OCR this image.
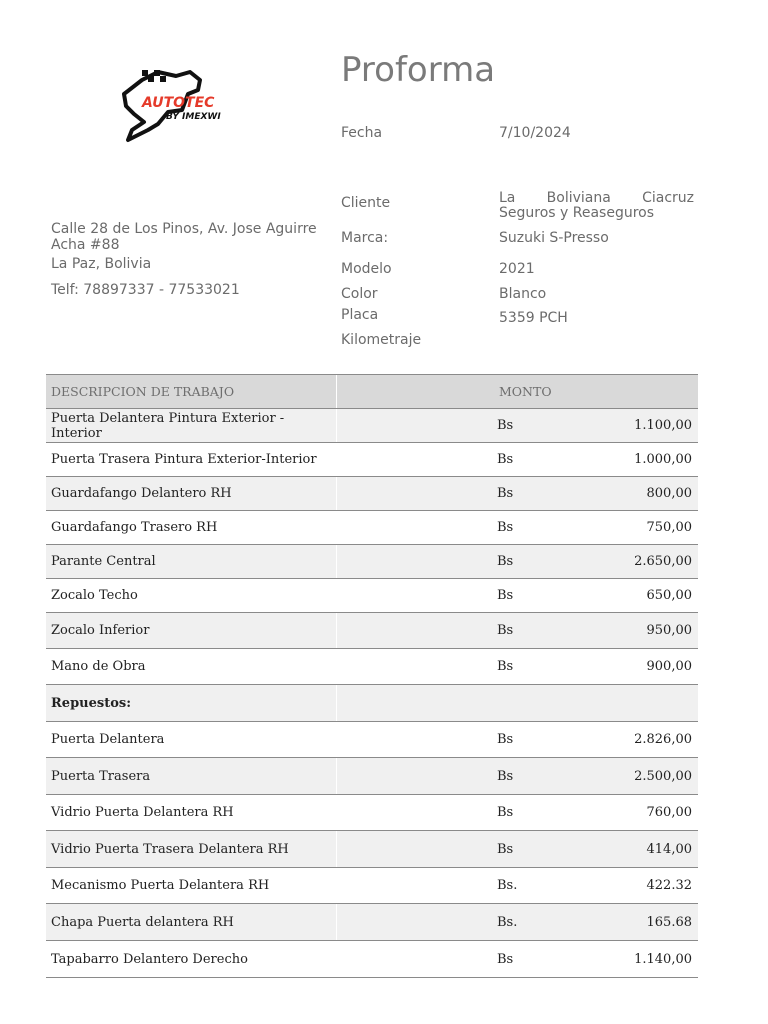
AUTOTEC
BY IMEXWI
Proforma
Fecha	7/10/2024
Cliente	La Boliviana Ciacruz
Seguros y Reaseguros
Marca:	Suzuki S-Presso
Modelo	2021
Color	Blanco
Placa	5359 PCH
Kilometraje
Calle 28 de Los Pinos, Av. Jose Aguirre
Acha #88
La Paz, Bolivia
Telf: 78897337 - 77533021
DESCRIPCION DE TRABAJO	MONTO	
Puerta Delantera Pintura Exterior - Interior	Bs	1.100,00
Puerta Trasera Pintura Exterior-Interior	Bs	1.000,00
Guardafango Delantero RH	Bs	800,00
Guardafango Trasero RH	Bs	750,00
Parante Central	Bs	2.650,00
Zocalo Techo	Bs	650,00
Zocalo Inferior	Bs	950,00
Mano de Obra	Bs	900,00
Repuestos:		
Puerta Delantera	Bs	2.826,00
Puerta Trasera	Bs	2.500,00
Vidrio Puerta Delantera RH	Bs	760,00
Vidrio Puerta Trasera Delantera RH	Bs	414,00
Mecanismo Puerta Delantera RH	Bs.	422.32
Chapa Puerta delantera RH	Bs.	165.68
Tapabarro Delantero Derecho	Bs	1.140,00
